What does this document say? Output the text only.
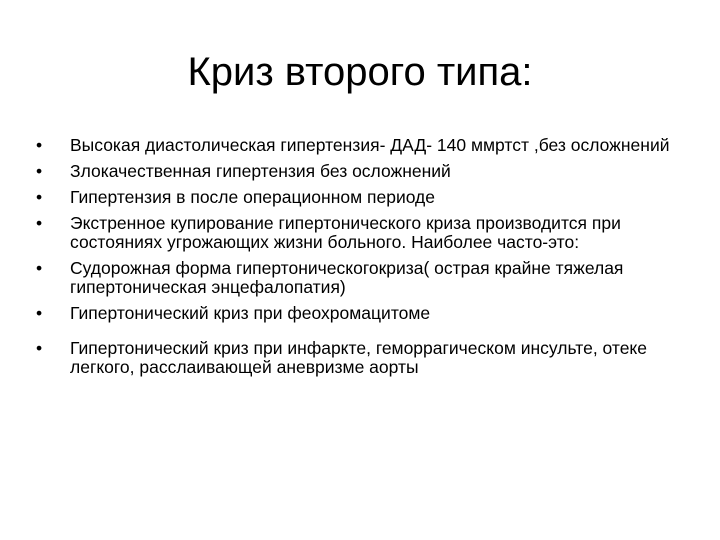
Криз второго типа:
• Высокая диастолическая гипертензия- ДАД- 140 ммртст ,без осложнений
• Злокачественная гипертензия без осложнений
• Гипертензия в после операционном периоде
• Экстренное купирование гипертонического криза производится при состояниях угрожающих жизни больного. Наиболее часто-это:
• Судорожная форма гипертоническогокриза( острая крайне тяжелая гипертоническая энцефалопатия)
• Гипертонический криз при феохромацитоме
• Гипертонический криз при инфаркте, геморрагическом инсульте, отеке легкого, расслаивающей аневризме аорты
